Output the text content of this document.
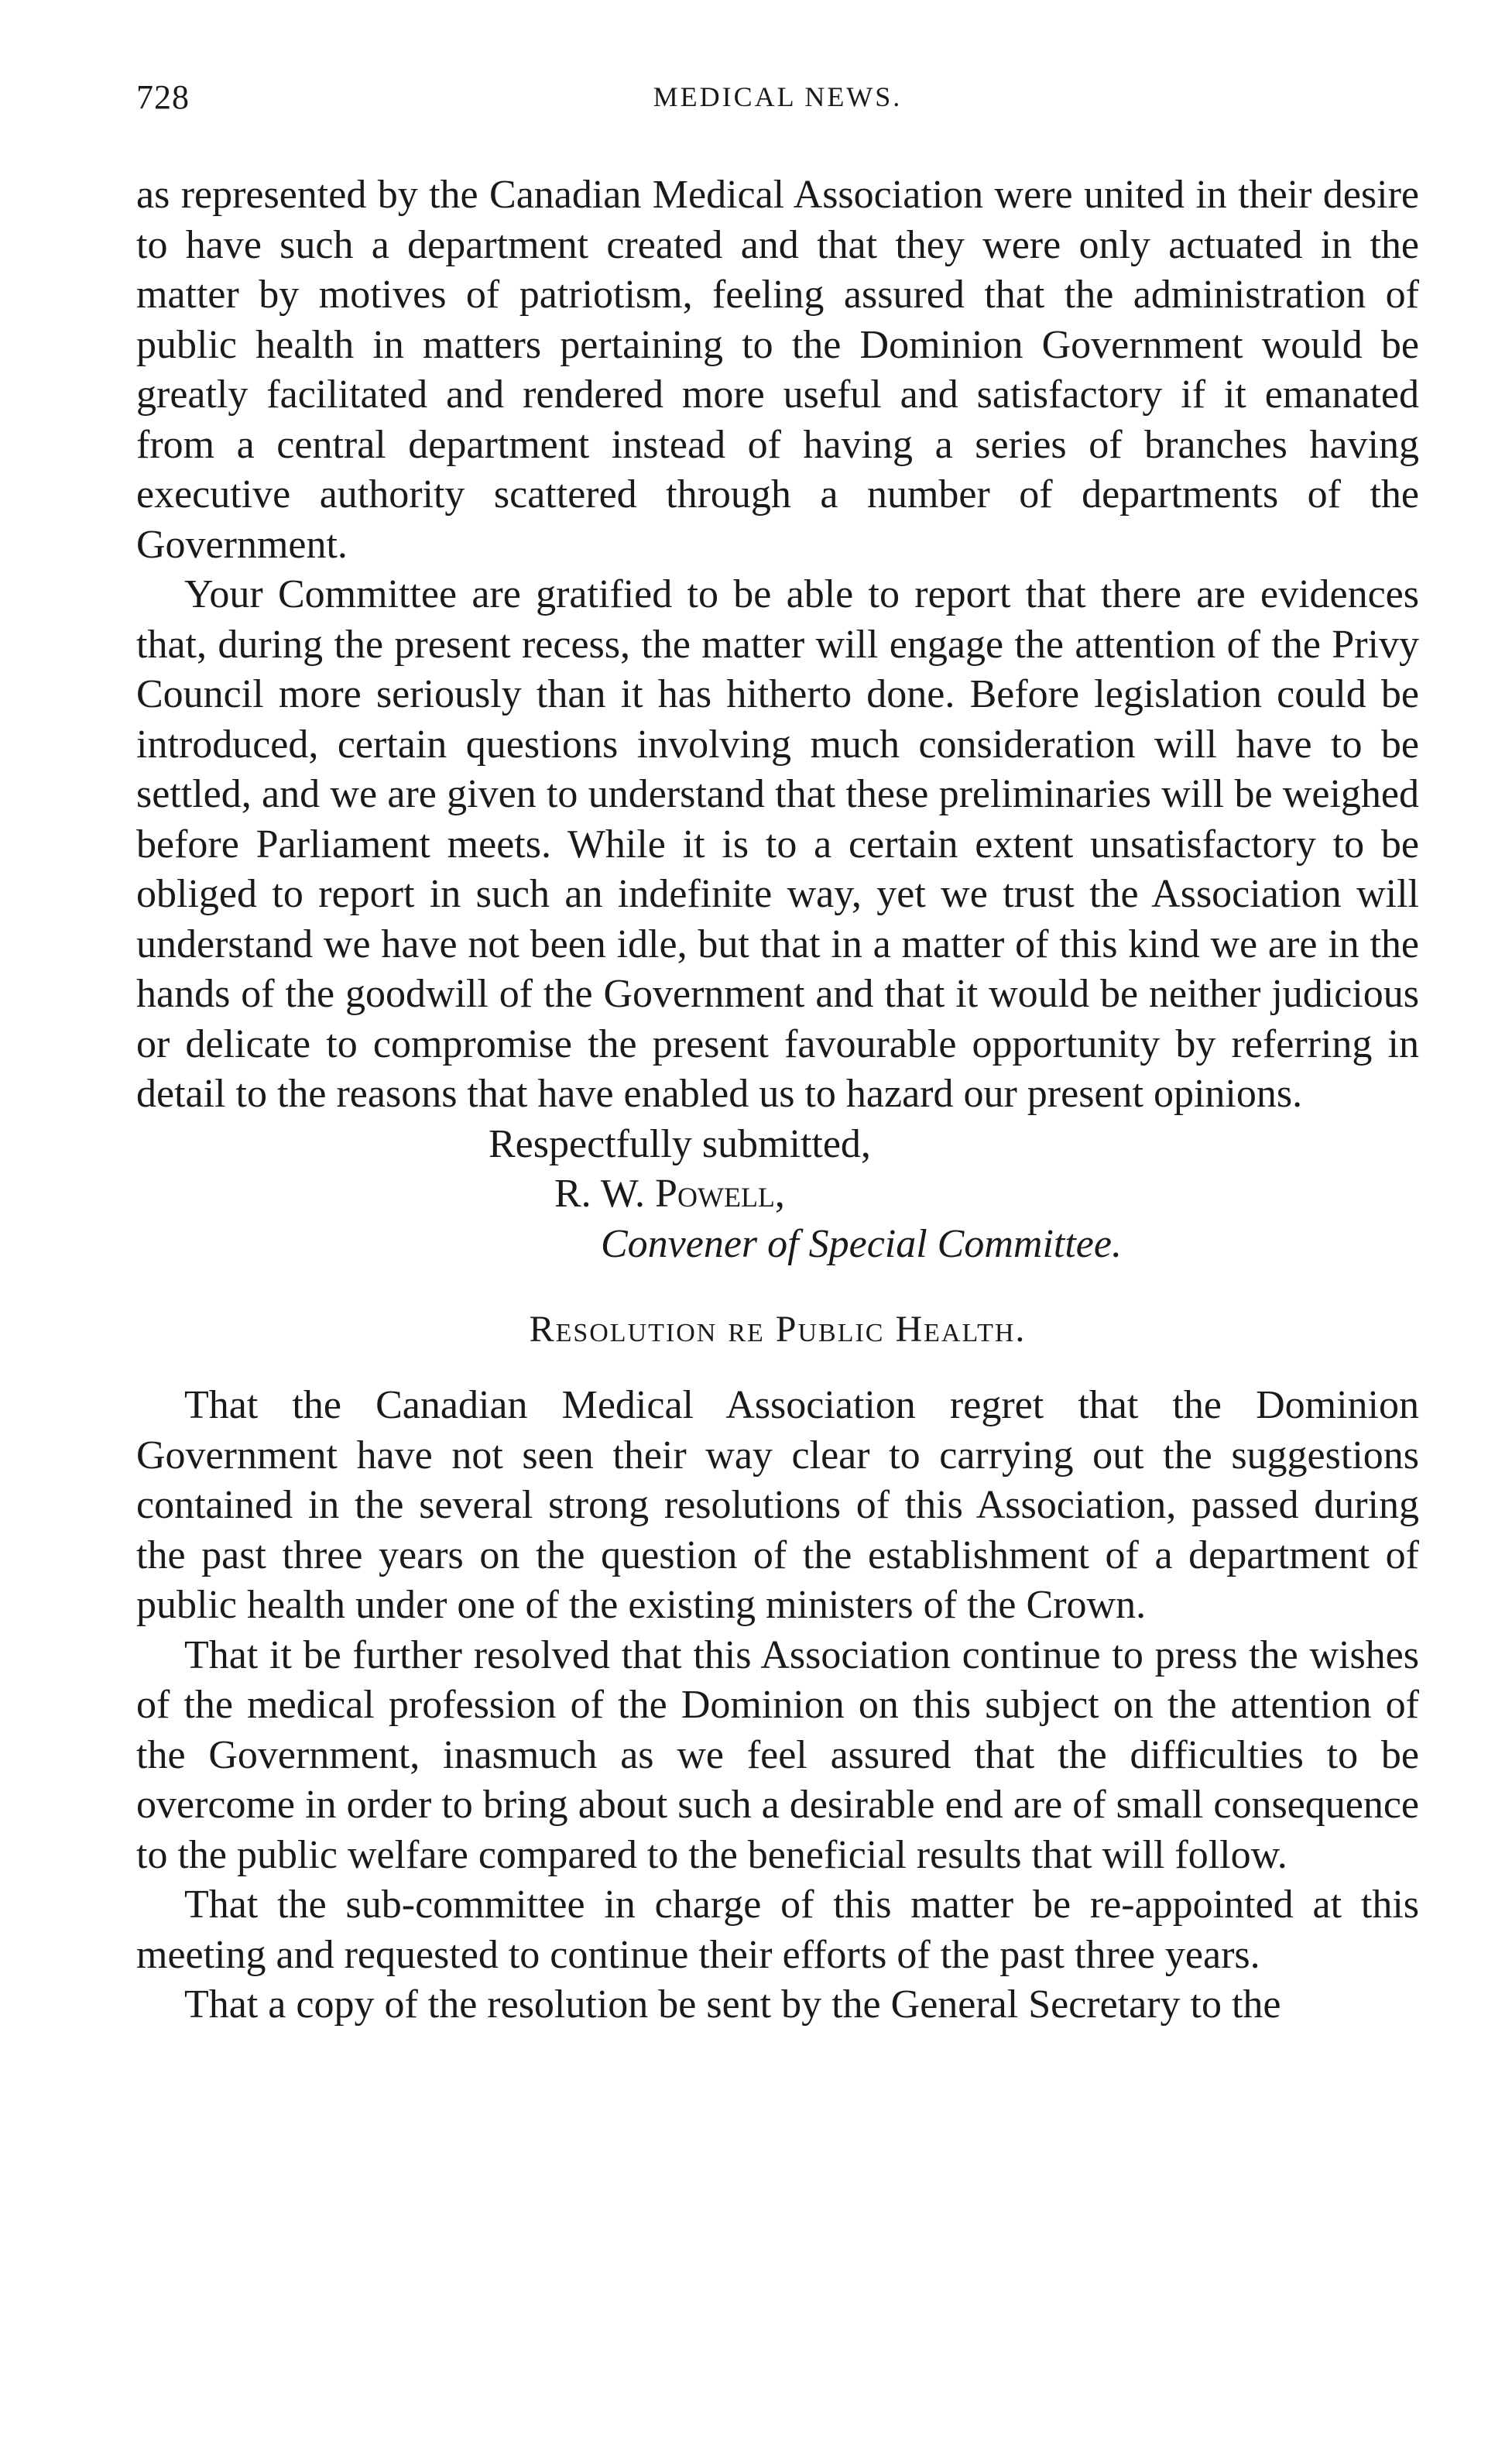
728	MEDICAL NEWS.

as represented by the Canadian Medical Association were united in their desire to have such a department created and that they were only actuated in the matter by motives of patriotism, feeling assured that the administration of public health in matters pertaining to the Dominion Government would be greatly facilitated and rendered more useful and satisfactory if it emanated from a central department instead of having a series of branches having executive authority scattered through a number of departments of the Government.

Your Committee are gratified to be able to report that there are evidences that, during the present recess, the matter will engage the attention of the Privy Council more seriously than it has hitherto done. Before legislation could be introduced, certain questions involving much consideration will have to be settled, and we are given to understand that these preliminaries will be weighed before Parliament meets. While it is to a certain extent unsatisfactory to be obliged to report in such an indefinite way, yet we trust the Association will understand we have not been idle, but that in a matter of this kind we are in the hands of the goodwill of the Government and that it would be neither judicious or delicate to compromise the present favourable opportunity by referring in detail to the reasons that have enabled us to hazard our present opinions.

Respectfully submitted,
R. W. Powell,
Convener of Special Committee.
Resolution re Public Health.

That the Canadian Medical Association regret that the Dominion Government have not seen their way clear to carrying out the suggestions contained in the several strong resolutions of this Association, passed during the past three years on the question of the establishment of a department of public health under one of the existing ministers of the Crown.

That it be further resolved that this Association continue to press the wishes of the medical profession of the Dominion on this subject on the attention of the Government, inasmuch as we feel assured that the difficulties to be overcome in order to bring about such a desirable end are of small consequence to the public welfare compared to the beneficial results that will follow.

That the sub-committee in charge of this matter be re-appointed at this meeting and requested to continue their efforts of the past three years.

That a copy of the resolution be sent by the General Secretary to the
